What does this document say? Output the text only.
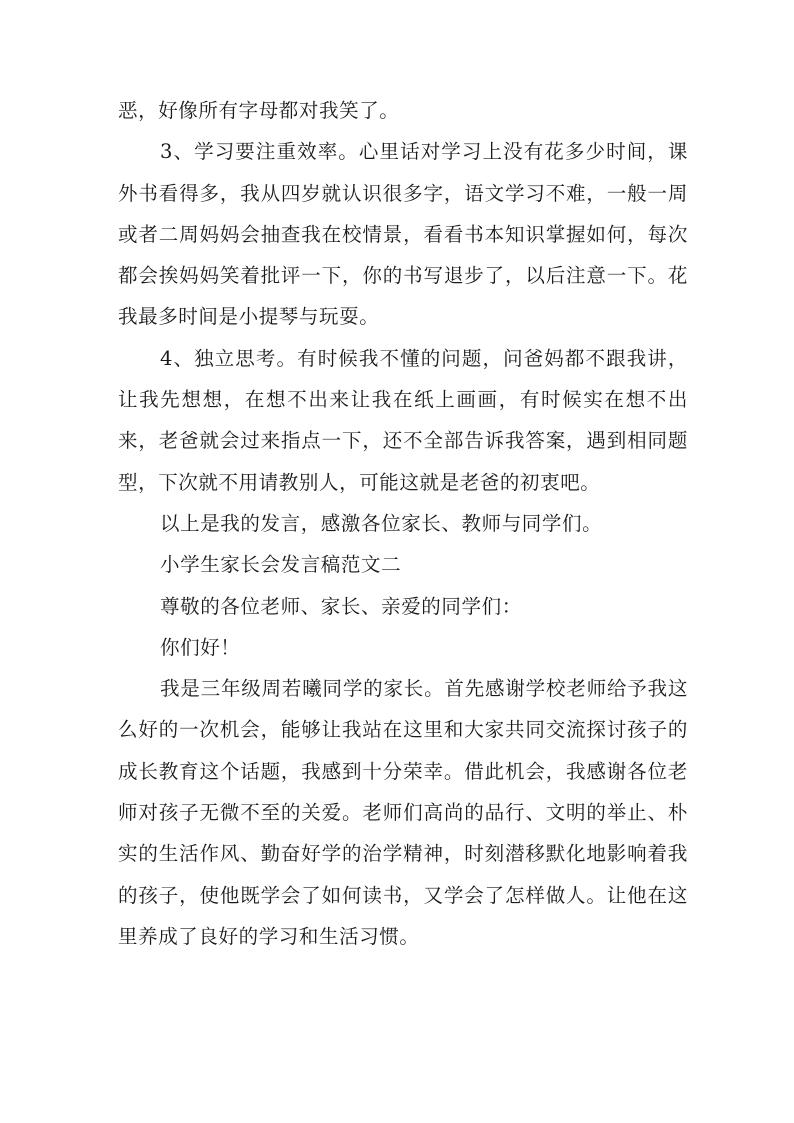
恶，好像所有字母都对我笑了。

3、学习要注重效率。心里话对学习上没有花多少时间，课外书看得多，我从四岁就认识很多字，语文学习不难，一般一周或者二周妈妈会抽查我在校情景，看看书本知识掌握如何，每次都会挨妈妈笑着批评一下，你的书写退步了，以后注意一下。花我最多时间是小提琴与玩耍。

4、独立思考。有时候我不懂的问题，问爸妈都不跟我讲，让我先想想，在想不出来让我在纸上画画，有时候实在想不出来，老爸就会过来指点一下，还不全部告诉我答案，遇到相同题型，下次就不用请教别人，可能这就是老爸的初衷吧。

以上是我的发言，感激各位家长、教师与同学们。

小学生家长会发言稿范文二

尊敬的各位老师、家长、亲爱的同学们：

你们好！

我是三年级周若曦同学的家长。首先感谢学校老师给予我这么好的一次机会，能够让我站在这里和大家共同交流探讨孩子的成长教育这个话题，我感到十分荣幸。借此机会，我感谢各位老师对孩子无微不至的关爱。老师们高尚的品行、文明的举止、朴实的生活作风、勤奋好学的治学精神，时刻潜移默化地影响着我的孩子，使他既学会了如何读书，又学会了怎样做人。让他在这里养成了良好的学习和生活习惯。
